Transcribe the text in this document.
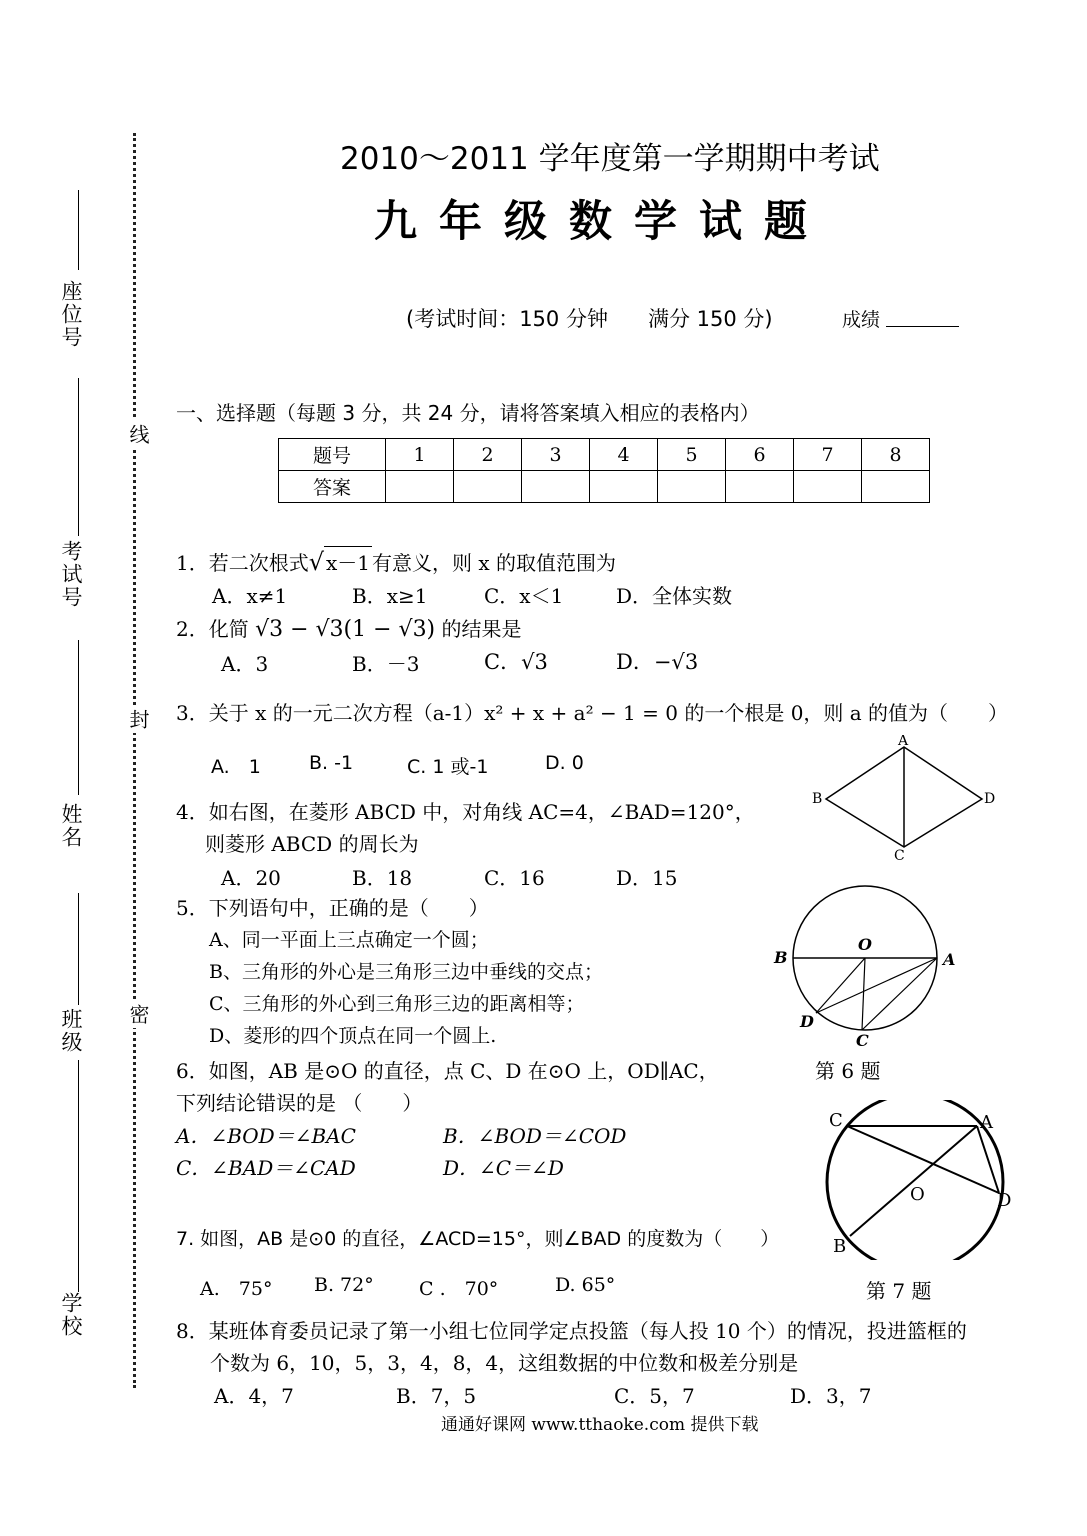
座位号
考试号
姓名
班级
学校
线
封
密
2010～2011 学年度第一学期期中考试
九年级数学试题
(考试时间：150 分钟      满分 150 分)	成绩
一、选择题（每题 3 分，共 24 分，请将答案填入相应的表格内）
题号	1	2	3	4	5	6	7	8
答案								
1．若二次根式√ x－1 有意义，则 x 的取值范围为
A．x≠1	B．x≥1	C．x＜1	D．全体实数
2．化简 √3 − √3(1 − √3) 的结果是
A．3	B．－3	C．√3	D．−√3
3．关于 x 的一元二次方程（a-1）x² + x + a² − 1 = 0 的一个根是 0，则 a 的值为（　　）
A.　1	B. -1	C. 1 或-1	D. 0
A
B
C
D
4．如右图，在菱形 ABCD 中，对角线 AC=4，∠BAD=120°，
则菱形 ABCD 的周长为
A．20	B．18	C．16	D．15
5．下列语句中，正确的是（　　）
A、同一平面上三点确定一个圆；
B、三角形的外心是三角形三边中垂线的交点；
C、三角形的外心到三角形三边的距离相等；
D、菱形的四个顶点在同一个圆上.
O
B	A
D
C
第 6 题
6．如图，AB 是⊙O 的直径，点 C、D 在⊙O 上，OD∥AC，
下列结论错误的是 （　　）
A．∠BOD＝∠BAC	B．∠BOD＝∠COD
C．∠BAD＝∠CAD	D．∠C＝∠D
C	A
O	D
B
第 7 题
7. 如图，AB 是⊙0 的直径，∠ACD=15°，则∠BAD 的度数为（　　）
A.　75° B. 72° C .　70°	D. 65°
8．某班体育委员记录了第一小组七位同学定点投篮（每人投 10 个）的情况，投进篮框的
个数为 6，10，5，3，4，8，4，这组数据的中位数和极差分别是
A．4，7	B．7，5	C．5，7	D．3，7
通通好课网 www.tthaoke.com 提供下载
